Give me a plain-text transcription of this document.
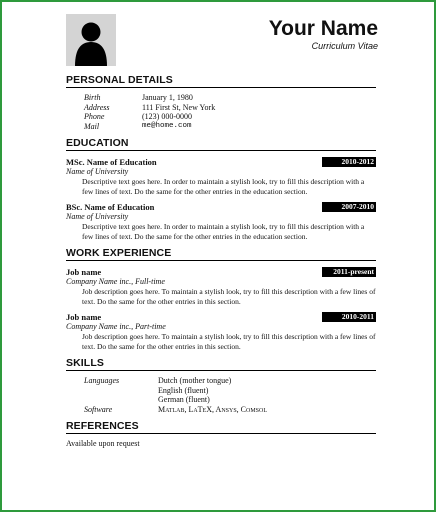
Your Name
Curriculum Vitae
PERSONAL DETAILS
Birth	January 1, 1980
Address	111 First St, New York
Phone	(123) 000-0000
Mail	me@home.com
EDUCATION
MSc. Name of Education	2010-2012
Name of University
Descriptive text goes here. In order to maintain a stylish look, try to fill this description with a few lines of text. Do the same for the other entries in the education section.
BSc. Name of Education	2007-2010
Name of University
Descriptive text goes here. In order to maintain a stylish look, try to fill this description with a few lines of text. Do the same for the other entries in the education section.
WORK EXPERIENCE
Job name	2011-present
Company Name inc., Full-time
Job description goes here. To maintain a stylish look, try to fill this description with a few lines of text. Do the same for the other entries in this section.
Job name	2010-2011
Company Name inc., Part-time
Job description goes here. To maintain a stylish look, try to fill this description with a few lines of text. Do the same for the other entries in this section.
SKILLS
Languages	Dutch (mother tongue)
English (fluent)
German (fluent)
Software	Matlab, LaTeX, Ansys, Comsol
REFERENCES
Available upon request
